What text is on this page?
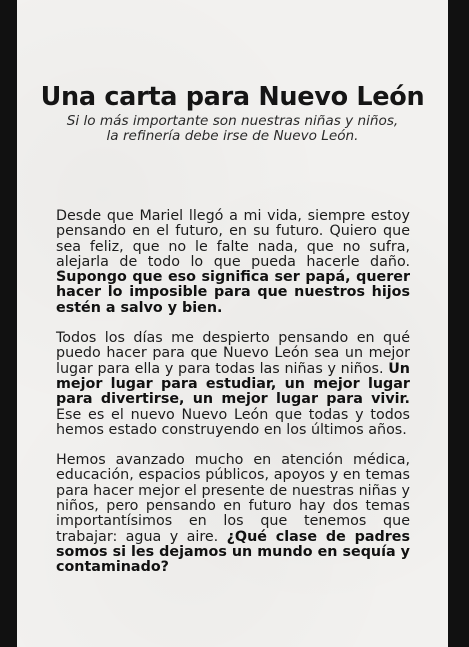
Una carta para Nuevo León
Si lo más importante son nuestras niñas y niños,
la refinería debe irse de Nuevo León.

Desde que Mariel llegó a mi vida, siempre estoy pensando en el futuro, en su futuro. Quiero que sea feliz, que no le falte nada, que no sufra, alejarla de todo lo que pueda hacerle daño. Supongo que eso significa ser papá, querer hacer lo imposible para que nuestros hijos estén a salvo y bien.

Todos los días me despierto pensando en qué puedo hacer para que Nuevo León sea un mejor lugar para ella y para todas las niñas y niños. Un mejor lugar para estudiar, un mejor lugar para divertirse, un mejor lugar para vivir. Ese es el nuevo Nuevo León que todas y todos hemos estado construyendo en los últimos años.

Hemos avanzado mucho en atención médica, educación, espacios públicos, apoyos y en temas para hacer mejor el presente de nuestras niñas y niños, pero pensando en futuro hay dos temas importantísimos en los que tenemos que trabajar: agua y aire. ¿Qué clase de padres somos si les dejamos un mundo en sequía y contaminado?
